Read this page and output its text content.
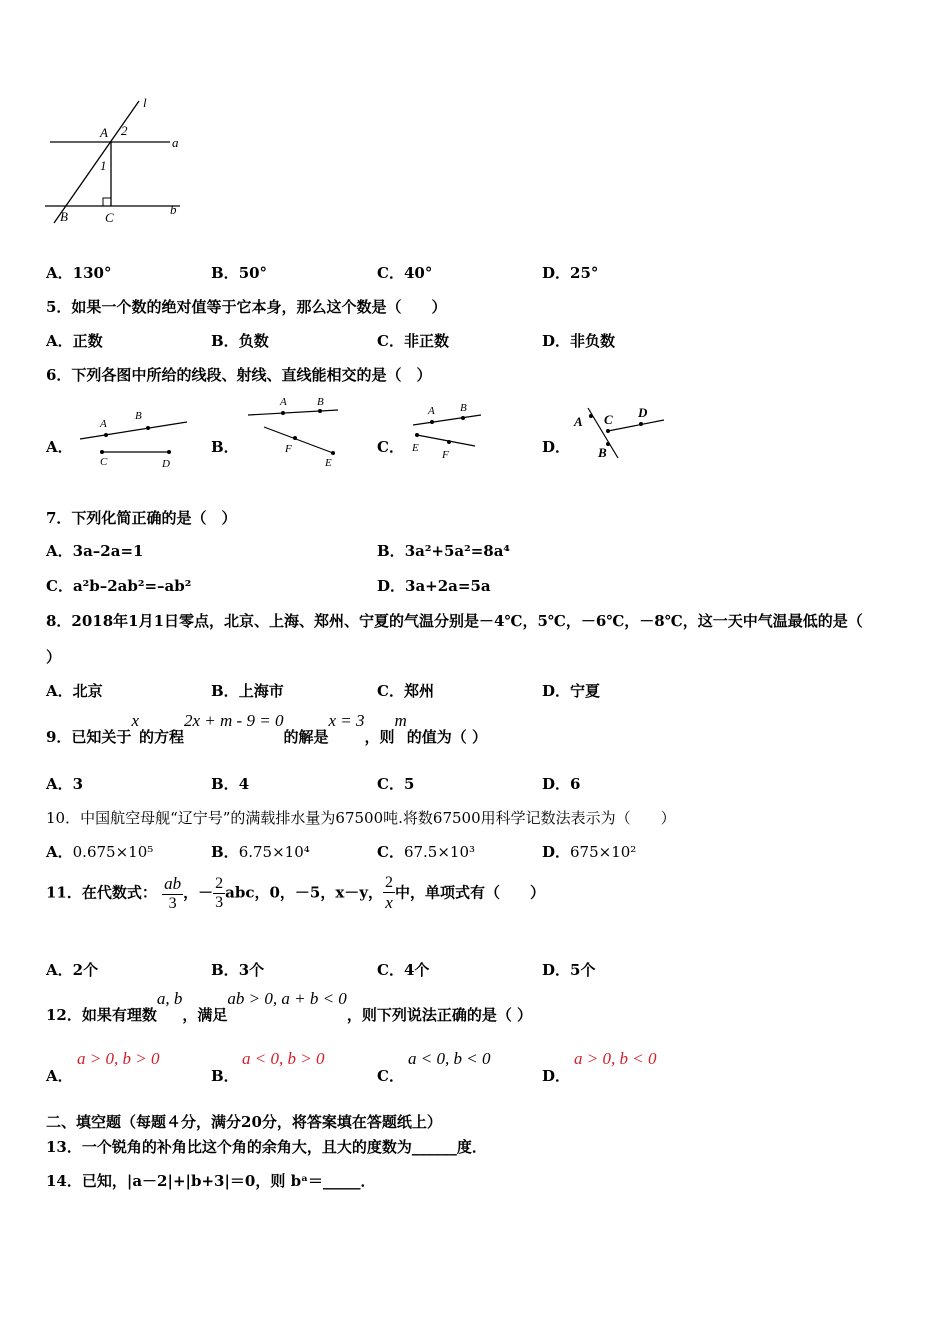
l
a
b
A 2
1
B	C
A．130°	B．50°	C．40°	D．25°
5．如果一个数的绝对值等于它本身，那么这个数是（　　）
A．正数	B．负数	C．非正数	D．非负数
6．下列各图中所给的线段、射线、直线能相交的是（　）
A．
A
B
C	D
B．
A	B
F
E
C．
A B
E
F	D．
A
B
C D
7．下列化简正确的是（　）
A．3a–2a=1	B．3a²+5a²=8a⁴
C．a²b–2ab²=–ab²	D．3a+2a=5a
8．2018年1月1日零点，北京、上海、郑州、宁夏的气温分别是－4℃，5℃，－6℃，－8℃，这一天中气温最低的是（
）
A．北京	B．上海市	C．郑州	D．宁夏
9．已知关于x的方程2x + m - 9 = 0的解是x = 3，则m的值为（ ）
A．3	B．4	C．5	D．6
10．中国航空母舰“辽宁号”的满载排水量为67500吨.将数67500用科学记数法表示为（　　）
A．0.675×10⁵	B．6.75×10⁴	C．67.5×10³	D．675×10²
11．在代数式： $\frac{ab}{3}$ ，－ $\frac{2}{3}$ abc，0，－5，x－y， $\frac{2}{x}$ 中，单项式有（　　）
A．2个	B．3个	C．4个	D．5个
12．如果有理数a, b，满足ab > 0, a + b < 0，则下列说法正确的是（ ）
A．
a > 0, b > 0
B．
a < 0, b > 0
C．
a < 0, b < 0
D．
a > 0, b < 0
二、填空题（每题４分，满分20分，将答案填在答题纸上）
13．一个锐角的补角比这个角的余角大，且大的度数为______度．
14．已知，|a－2|+|b+3|＝0，则 bᵃ＝_____．
